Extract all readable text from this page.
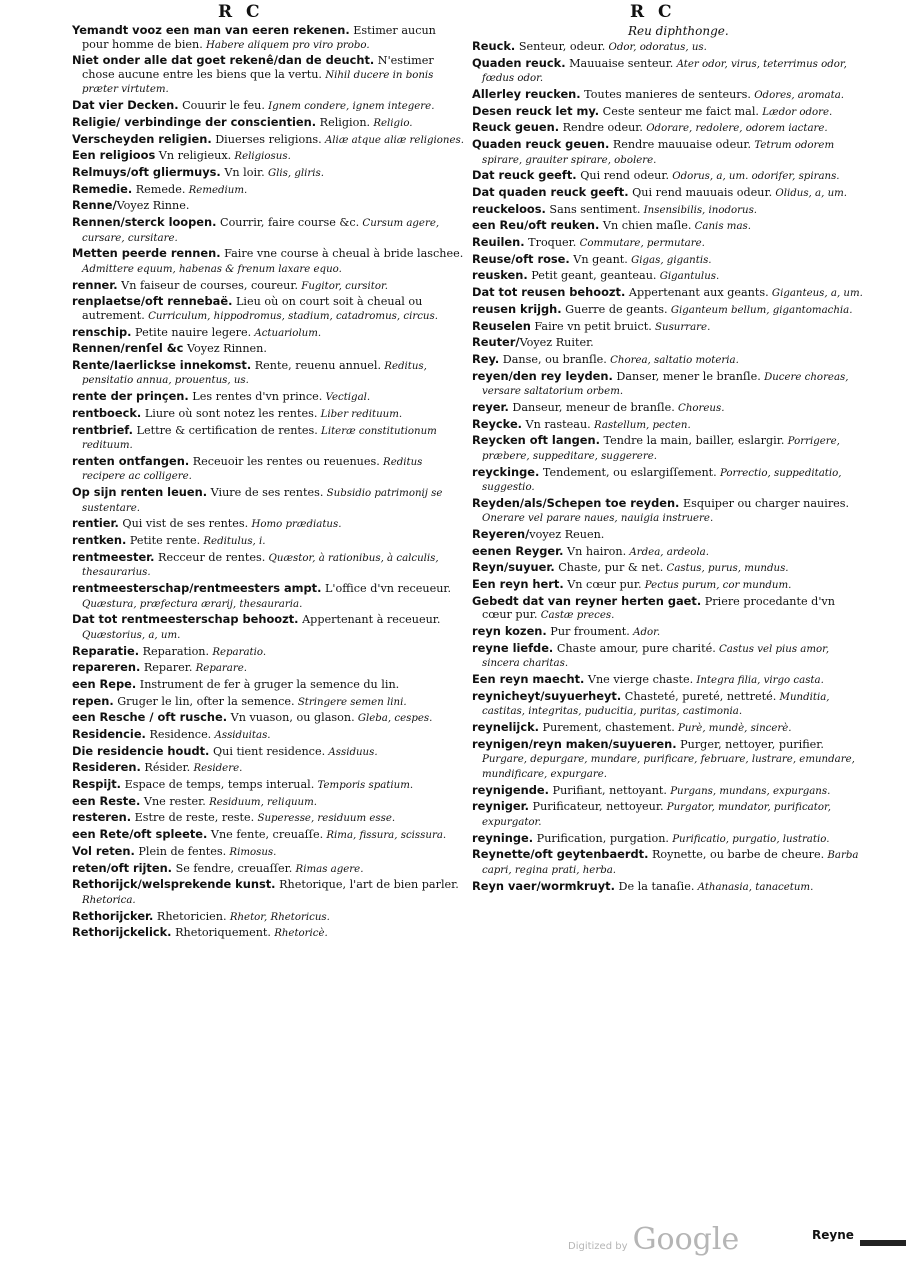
R C	R C
Reu diphthonge.

Yemandt vooz een man van eeren rekenen. Estimer aucun pour homme de bien. Habere aliquem pro viro probo.

Niet onder alle dat goet rekenê/dan de deucht. N'estimer chose aucune entre les biens que la vertu. Nihil ducere in bonis præter virtutem.

Dat vier Decken. Couurir le feu. Ignem condere, ignem integere.

Religie/ verbindinge der conscientien. Religion. Religio.

Verscheyden religien. Diuerses religions. Aliæ atque aliæ religiones.

Een religioos Vn religieux. Religiosus.

Relmuys/oft gliermuys. Vn loir. Glis, gliris.

Remedie. Remede. Remedium.

Renne/Voyez Rinne.

Rennen/sterck loopen. Courrir, faire course &c. Cursum agere, cursare, cursitare.

Metten peerde rennen. Faire vne course à cheual à bride laschee. Admittere equum, habenas & frenum laxare equo.

renner. Vn faiseur de courses, coureur. Fugitor, cursitor.

renplaetse/oft rennebaë. Lieu où on court soit à cheual ou autrement. Curriculum, hippodromus, stadium, catadromus, circus.

renschip. Petite nauire legere. Actuariolum.

Rennen/renſel &c Voyez Rinnen.

Rente/Iaerlickse innekomst. Rente, reuenu annuel. Reditus, pensitatio annua, prouentus, us.

rente der prinçen. Les rentes d'vn prince. Vectigal.

rentboeck. Liure où sont notez les rentes. Liber redituum.

rentbrief. Lettre & certification de rentes. Literæ constitutionum redituum.

renten ontfangen. Receuoir les rentes ou reuenues. Reditus recipere ac colligere.

Op sijn renten leuen. Viure de ses rentes. Subsidio patrimonij se sustentare.

rentier. Qui vist de ses rentes. Homo prædiatus.

rentken. Petite rente. Reditulus, i.

rentmeester. Recceur de rentes. Quæstor, à rationibus, à calculis, thesaurarius.

rentmeesterschap/rentmeesters ampt. L'office d'vn receueur. Quæstura, præfectura ærarij, thesauraria.

Dat tot rentmeesterschap behoozt. Appertenant à receueur. Quæstorius, a, um.

Reparatie. Reparation. Reparatio.

repareren. Reparer. Reparare.

een Repe. Instrument de fer à gruger la semence du lin.

repen. Gruger le lin, ofter la semence. Stringere semen lini.

een Resche / oft rusche. Vn vuason, ou glason. Gleba, cespes.

Residencie. Residence. Assiduitas.

Die residencie houdt. Qui tient residence. Assiduus.

Resideren. Résider. Residere.

Respijt. Espace de temps, temps interual. Temporis spatium.

een Reste. Vne rester. Residuum, reliquum.

resteren. Estre de reste, reste. Superesse, residuum esse.

een Rete/oft spleete. Vne fente, creuaſſe. Rima, fissura, scissura.

Vol reten. Plein de fentes. Rimosus.

reten/oft rijten. Se fendre, creuaſſer. Rimas agere.

Rethorijck/welsprekende kunst. Rhetorique, l'art de bien parler. Rhetorica.

Rethorijcker. Rhetoricien. Rhetor, Rhetoricus.

Rethorijckelick. Rhetoriquement. Rhetoricè.

Reuck. Senteur, odeur. Odor, odoratus, us.

Quaden reuck. Mauuaise senteur. Ater odor, virus, teterrimus odor, fœdus odor.

Allerley reucken. Toutes manieres de senteurs. Odores, aromata.

Desen reuck let my. Ceste senteur me faict mal. Lædor odore.

Reuck geuen. Rendre odeur. Odorare, redolere, odorem iactare.

Quaden reuck geuen. Rendre mauuaise odeur. Tetrum odorem spirare, grauiter spirare, obolere.

Dat reuck geeft. Qui rend odeur. Odorus, a, um. odorifer, spirans.

Dat quaden reuck geeft. Qui rend mauuais odeur. Olidus, a, um.

reuckeloos. Sans sentiment. Insensibilis, inodorus.

een Reu/oft reuken. Vn chien maſle. Canis mas.

Reuilen. Troquer. Commutare, permutare.

Reuse/oft rose. Vn geant. Gigas, gigantis.

reusken. Petit geant, geanteau. Gigantulus.

Dat tot reusen behoozt. Appertenant aux geants. Giganteus, a, um.

reusen krijgh. Guerre de geants. Giganteum bellum, gigantomachia.

Reuselen Faire vn petit bruict. Susurrare.

Reuter/Voyez Ruiter.

Rey. Danse, ou branſle. Chorea, saltatio moteria.

reyen/den rey leyden. Danser, mener le branſle. Ducere choreas, versare saltatorium orbem.

reyer. Danseur, meneur de branſle. Choreus.

Reycke. Vn rasteau. Rastellum, pecten.

Reycken oft langen. Tendre la main, bailler, eslargir. Porrigere, præbere, suppeditare, suggerere.

reyckinge. Tendement, ou eslargiſſement. Porrectio, suppeditatio, suggestio.

Reyden/als/Schepen toe reyden. Esquiper ou charger nauires. Onerare vel parare naues, nauigia instruere.

Reyeren/voyez Reuen.

eenen Reyger. Vn hairon. Ardea, ardeola.

Reyn/suyuer. Chaste, pur & net. Castus, purus, mundus.

Een reyn hert. Vn cœur pur. Pectus purum, cor mundum.

Gebedt dat van reyner herten gaet. Priere procedante d'vn cœur pur. Castæ preces.

reyn kozen. Pur froument. Ador.

reyne liefde. Chaste amour, pure charité. Castus vel pius amor, sincera charitas.

Een reyn maecht. Vne vierge chaste. Integra filia, virgo casta.

reynicheyt/suyuerheyt. Chasteté, pureté, nettreté. Munditia, castitas, integritas, puducitia, puritas, castimonia.

reynelijck. Purement, chastement. Purè, mundè, sincerè.

reynigen/reyn maken/suyueren. Purger, nettoyer, purifier. Purgare, depurgare, mundare, purificare, februare, lustrare, emundare, mundificare, expurgare.

reynigende. Purifiant, nettoyant. Purgans, mundans, expurgans.

reyniger. Purificateur, nettoyeur. Purgator, mundator, purificator, expurgator.

reyninge. Purification, purgation. Purificatio, purgatio, lustratio.

Reynette/oft geytenbaerdt. Roynette, ou barbe de cheure. Barba capri, regina prati, herba.

Reyn vaer/wormkruyt. De la tanaſie. Athanasia, tanacetum.

Digitized by Google	Reyne
